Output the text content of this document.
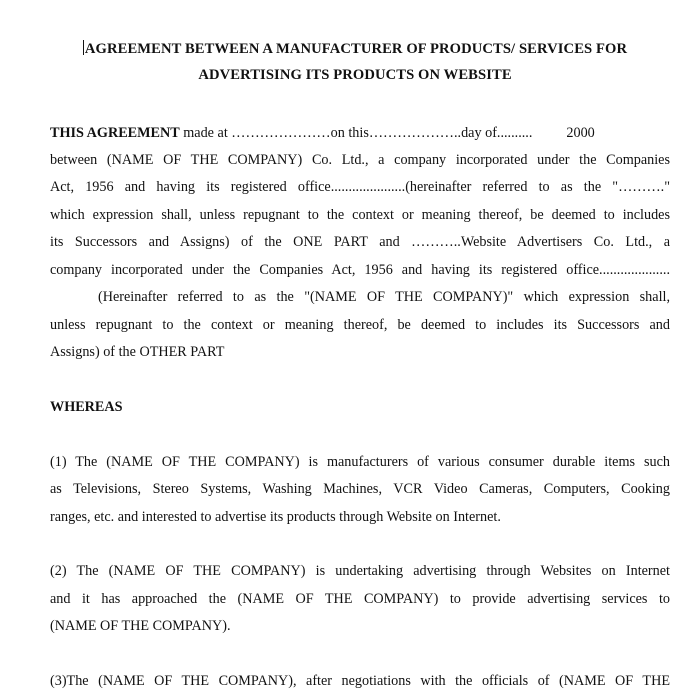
AGREEMENT BETWEEN A MANUFACTURER OF PRODUCTS/ SERVICES FOR
ADVERTISING ITS PRODUCTS ON WEBSITE
THIS AGREEMENT made at …………………on this………………..day of.......... 2000
between (NAME OF THE COMPANY) Co. Ltd., a company incorporated under the Companies
Act, 1956 and having its registered office.....................(hereinafter referred to as the "………."
which expression shall, unless repugnant to the context or meaning thereof, be deemed to includes
its Successors and Assigns) of the ONE PART and ………..Website Advertisers Co. Ltd., a
company incorporated under the Companies Act, 1956 and having its registered office....................
(Hereinafter referred to as the "(NAME OF THE COMPANY)" which expression shall,
unless repugnant to the context or meaning thereof, be deemed to includes its Successors and
Assigns) of the OTHER PART
WHEREAS
(1) The (NAME OF THE COMPANY) is manufacturers of various consumer durable items such
as Televisions, Stereo Systems, Washing Machines, VCR Video Cameras, Computers, Cooking
ranges, etc. and interested to advertise its products through Website on Internet.
(2) The (NAME OF THE COMPANY) is undertaking advertising through Websites on Internet
and it has approached the (NAME OF THE COMPANY) to provide advertising services to
(NAME OF THE COMPANY).
(3)The (NAME OF THE COMPANY), after negotiations with the officials of (NAME OF THE
